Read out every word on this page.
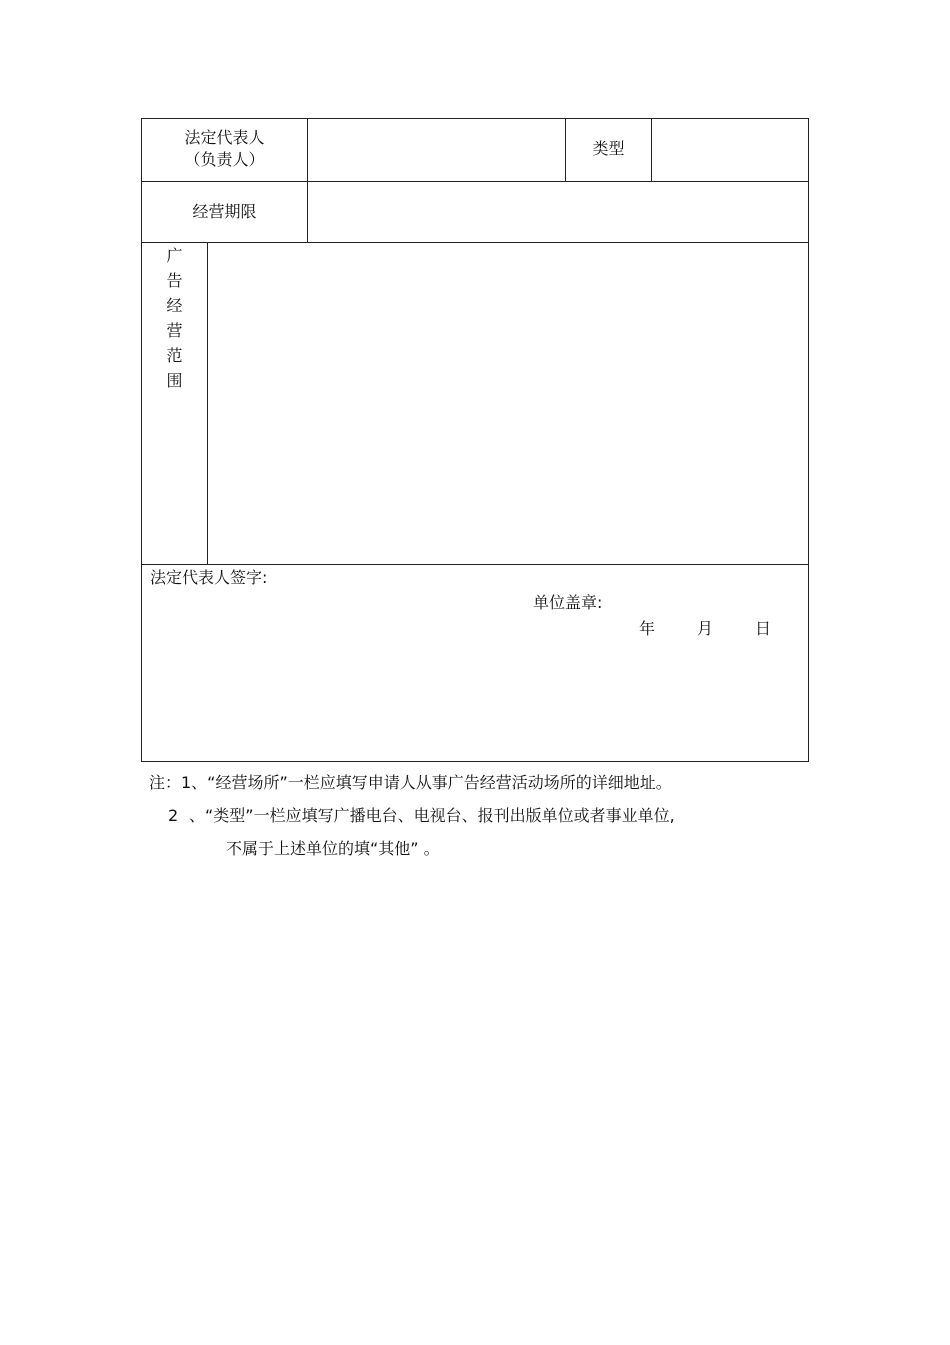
法定代表人
（负责人）
类型
经营期限
广
告
经
营
范
围
法定代表人签字:
单位盖章:
年	月	日
注：1、“经营场所”一栏应填写申请人从事广告经营活动场所的详细地址。
2 、“类型”一栏应填写广播电台、电视台、报刊出版单位或者事业单位,
不属于上述单位的填“其他” 。
